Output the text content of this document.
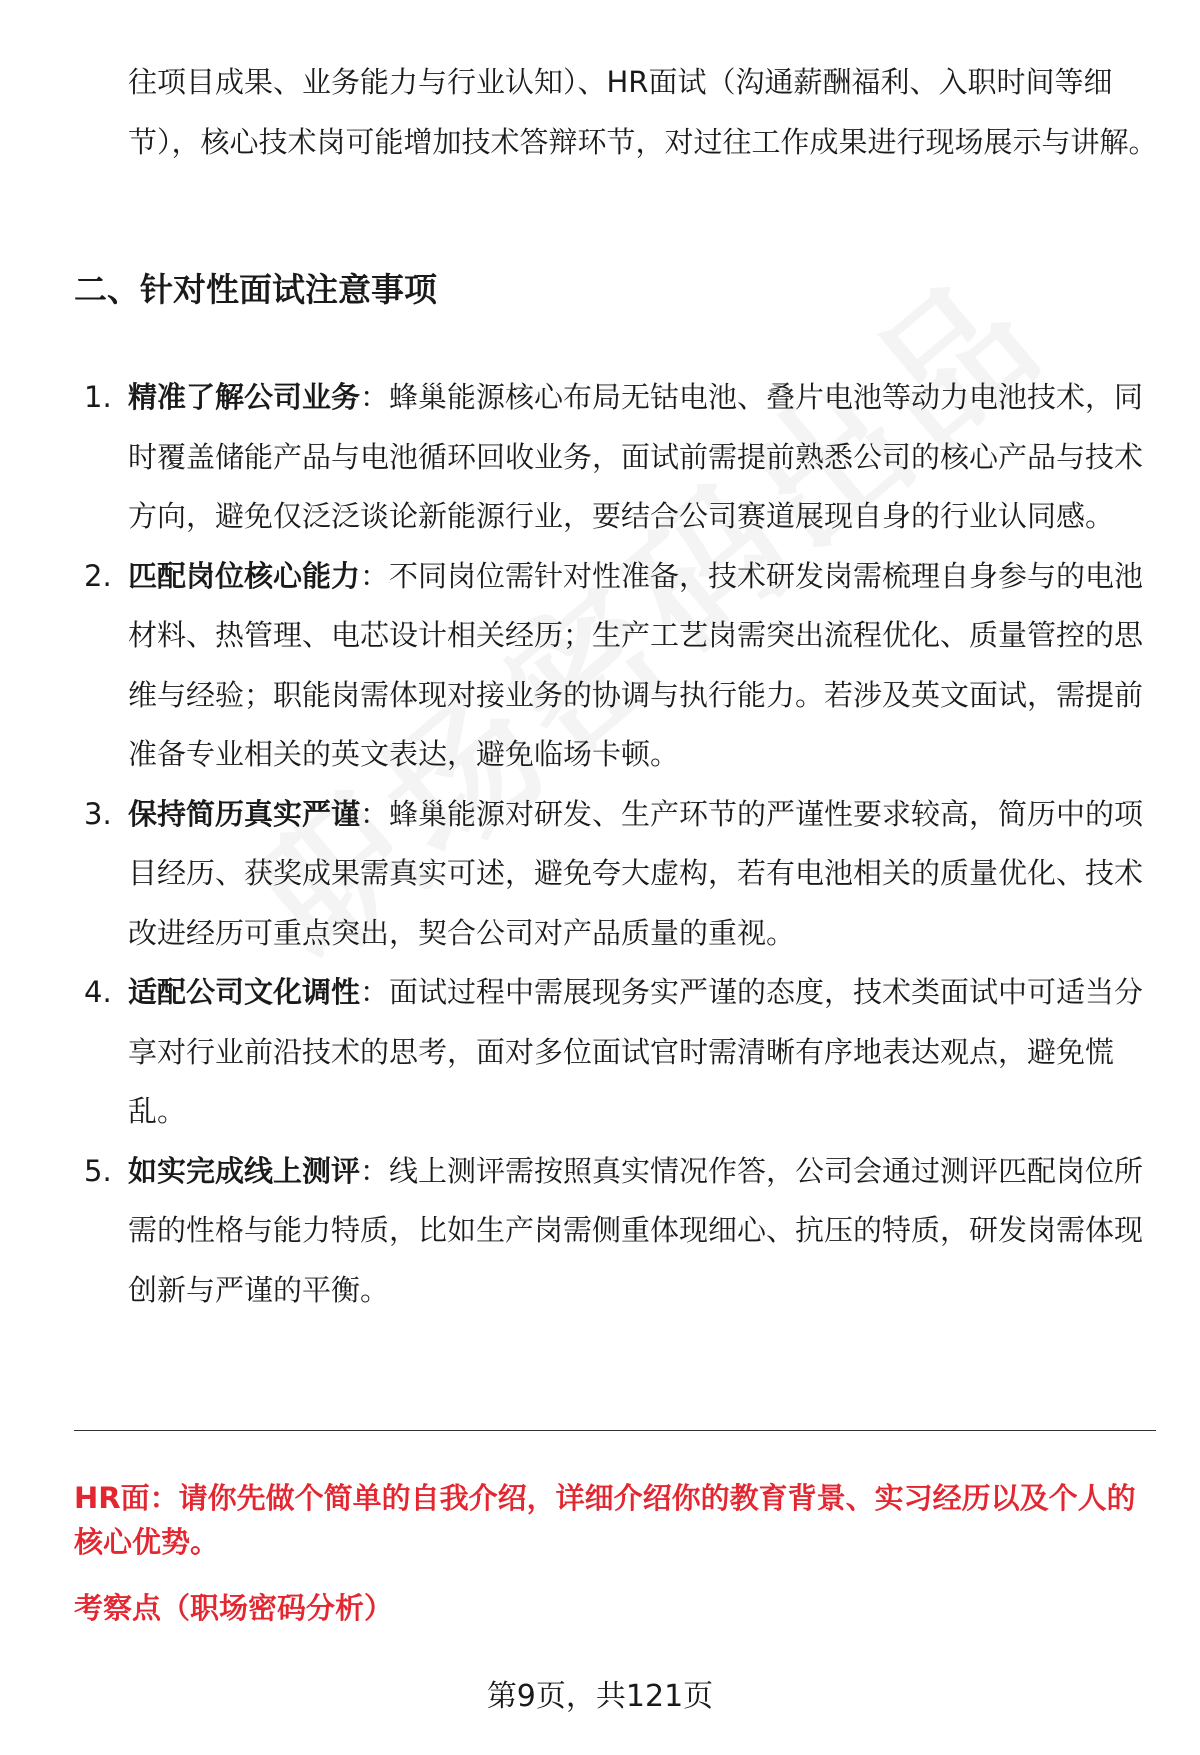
往项目成果、业务能力与行业认知）、HR面试（沟通薪酬福利、入职时间等细节），核心技术岗可能增加技术答辩环节，对过往工作成果进行现场展示与讲解。

二、针对性面试注意事项
1. 精准了解公司业务：蜂巢能源核心布局无钴电池、叠片电池等动力电池技术，同时覆盖储能产品与电池循环回收业务，面试前需提前熟悉公司的核心产品与技术方向，避免仅泛泛谈论新能源行业，要结合公司赛道展现自身的行业认同感。
2. 匹配岗位核心能力：不同岗位需针对性准备，技术研发岗需梳理自身参与的电池材料、热管理、电芯设计相关经历；生产工艺岗需突出流程优化、质量管控的思维与经验；职能岗需体现对接业务的协调与执行能力。若涉及英文面试，需提前准备专业相关的英文表达，避免临场卡顿。
3. 保持简历真实严谨：蜂巢能源对研发、生产环节的严谨性要求较高，简历中的项目经历、获奖成果需真实可述，避免夸大虚构，若有电池相关的质量优化、技术改进经历可重点突出，契合公司对产品质量的重视。
4. 适配公司文化调性：面试过程中需展现务实严谨的态度，技术类面试中可适当分享对行业前沿技术的思考，面对多位面试官时需清晰有序地表达观点，避免慌乱。
5. 如实完成线上测评：线上测评需按照真实情况作答，公司会通过测评匹配岗位所需的性格与能力特质，比如生产岗需侧重体现细心、抗压的特质，研发岗需体现创新与严谨的平衡。

HR面：请你先做个简单的自我介绍，详细介绍你的教育背景、实习经历以及个人的核心优势。

考察点（职场密码分析）

第9页，共121页
